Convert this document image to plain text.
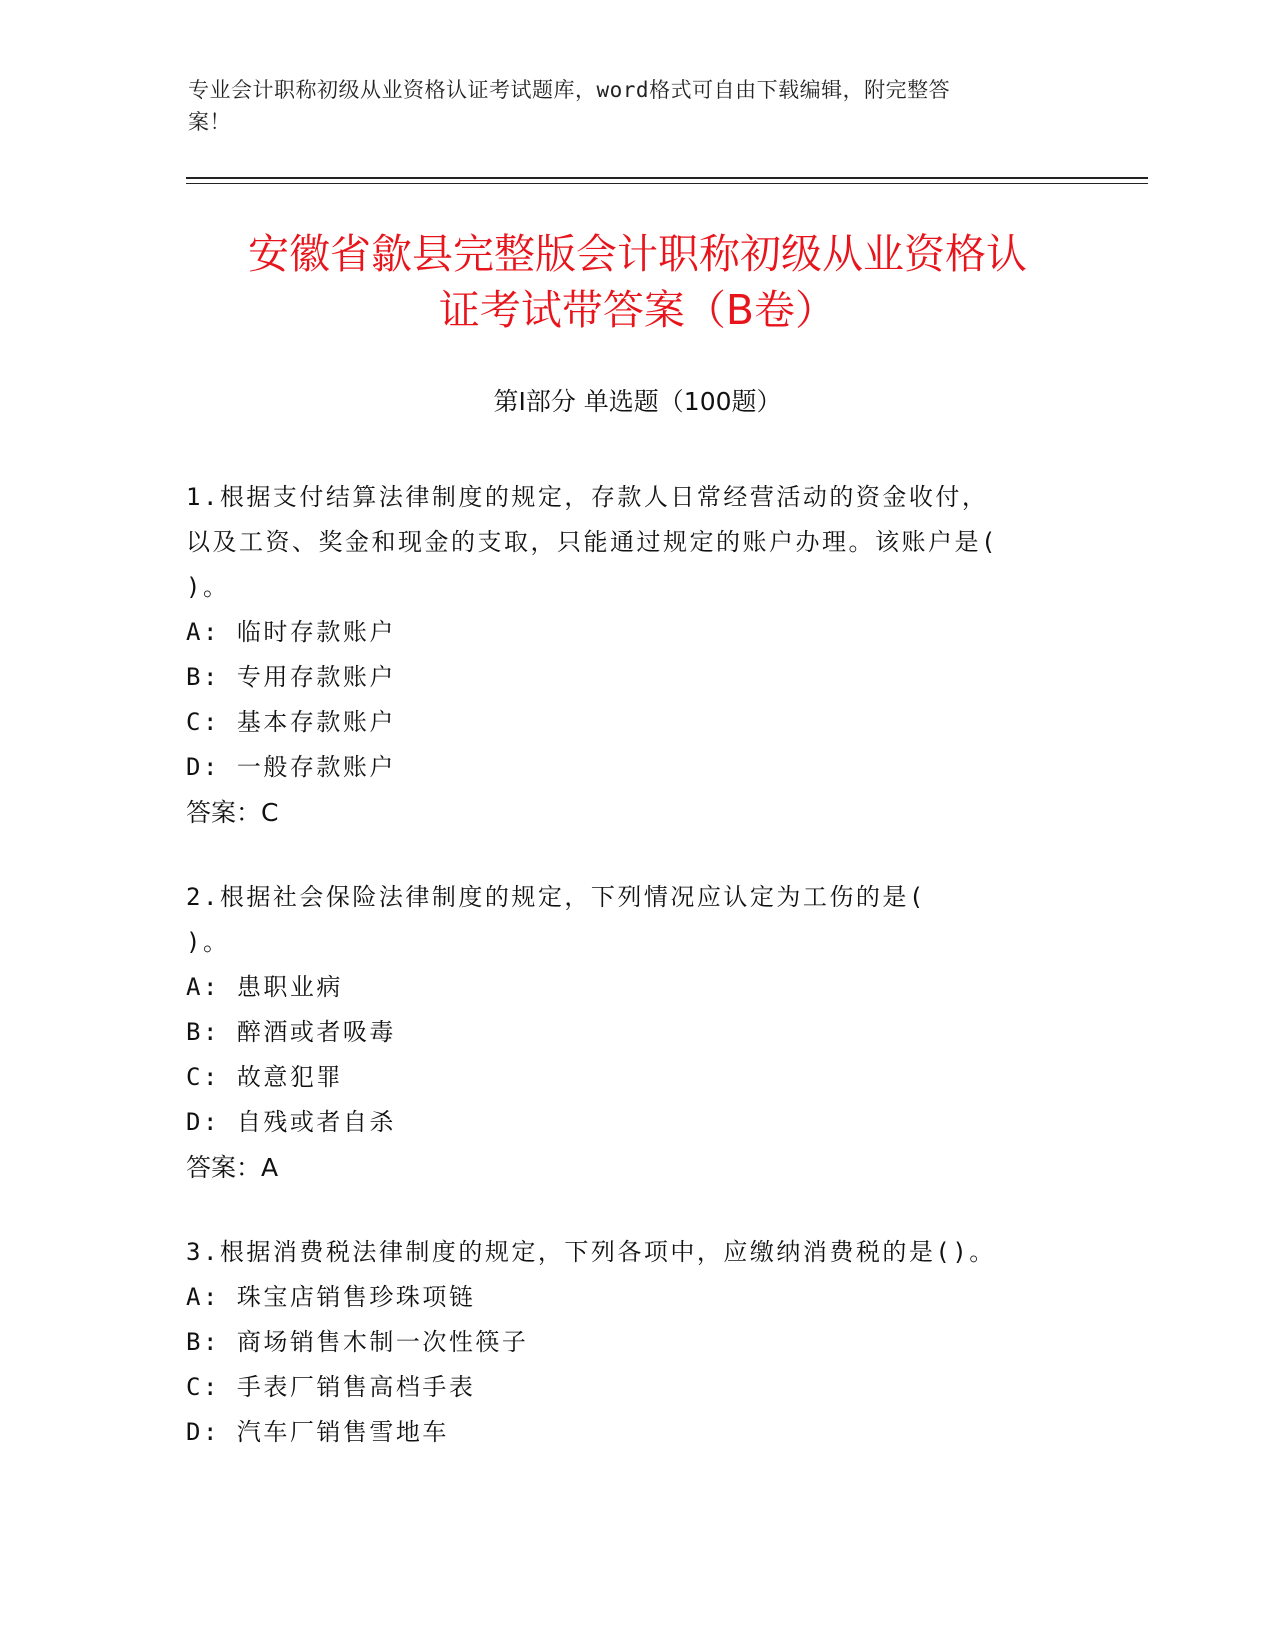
专业会计职称初级从业资格认证考试题库，word格式可自由下载编辑，附完整答
案！
安徽省歙县完整版会计职称初级从业资格认
证考试带答案（B卷）
第Ⅰ部分 单选题（100题）

1.根据支付结算法律制度的规定，存款人日常经营活动的资金收付，

以及工资、奖金和现金的支取，只能通过规定的账户办理。该账户是(

)。

A: 临时存款账户

B: 专用存款账户

C: 基本存款账户

D: 一般存款账户

答案：C

2.根据社会保险法律制度的规定，下列情况应认定为工伤的是(

)。

A: 患职业病

B: 醉酒或者吸毒

C: 故意犯罪

D: 自残或者自杀

答案：A

3.根据消费税法律制度的规定，下列各项中，应缴纳消费税的是()。

A: 珠宝店销售珍珠项链

B: 商场销售木制一次性筷子

C: 手表厂销售高档手表

D: 汽车厂销售雪地车
